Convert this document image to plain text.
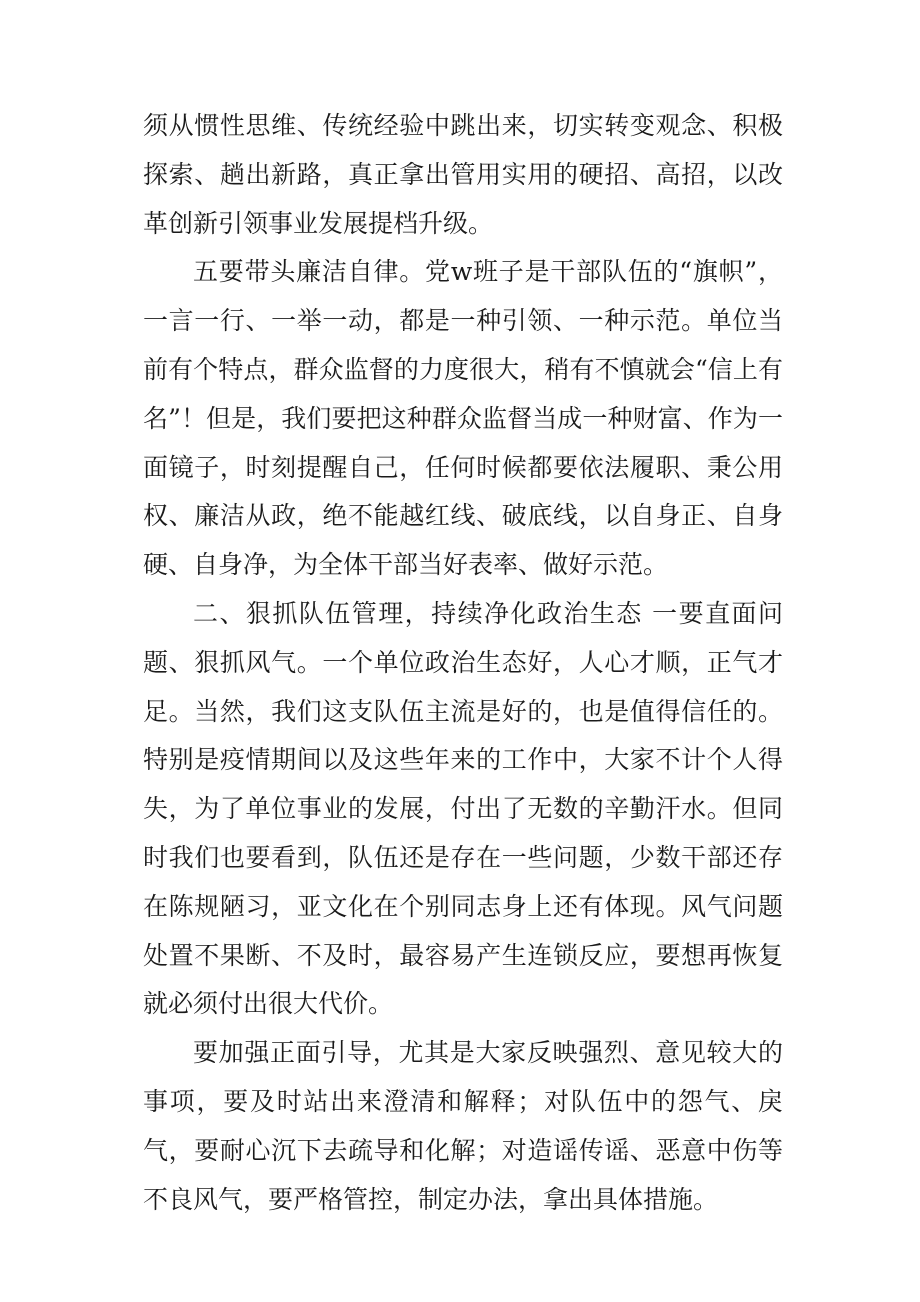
须从惯性思维、传统经验中跳出来，切实转变观念、积极探索、趟出新路，真正拿出管用实用的硬招、高招，以改革创新引领事业发展提档升级。

五要带头廉洁自律。党w班子是干部队伍的“旗帜”，一言一行、一举一动，都是一种引领、一种示范。单位当前有个特点，群众监督的力度很大，稍有不慎就会“信上有名”！但是，我们要把这种群众监督当成一种财富、作为一面镜子，时刻提醒自己，任何时候都要依法履职、秉公用权、廉洁从政，绝不能越红线、破底线，以自身正、自身硬、自身净，为全体干部当好表率、做好示范。

二、狠抓队伍管理，持续净化政治生态 一要直面问题、狠抓风气。一个单位政治生态好，人心才顺，正气才足。当然，我们这支队伍主流是好的，也是值得信任的。特别是疫情期间以及这些年来的工作中，大家不计个人得失，为了单位事业的发展，付出了无数的辛勤汗水。但同时我们也要看到，队伍还是存在一些问题，少数干部还存在陈规陋习，亚文化在个别同志身上还有体现。风气问题处置不果断、不及时，最容易产生连锁反应，要想再恢复就必须付出很大代价。

要加强正面引导，尤其是大家反映强烈、意见较大的事项，要及时站出来澄清和解释；对队伍中的怨气、戾气，要耐心沉下去疏导和化解；对造谣传谣、恶意中伤等不良风气，要严格管控，制定办法，拿出具体措施。
